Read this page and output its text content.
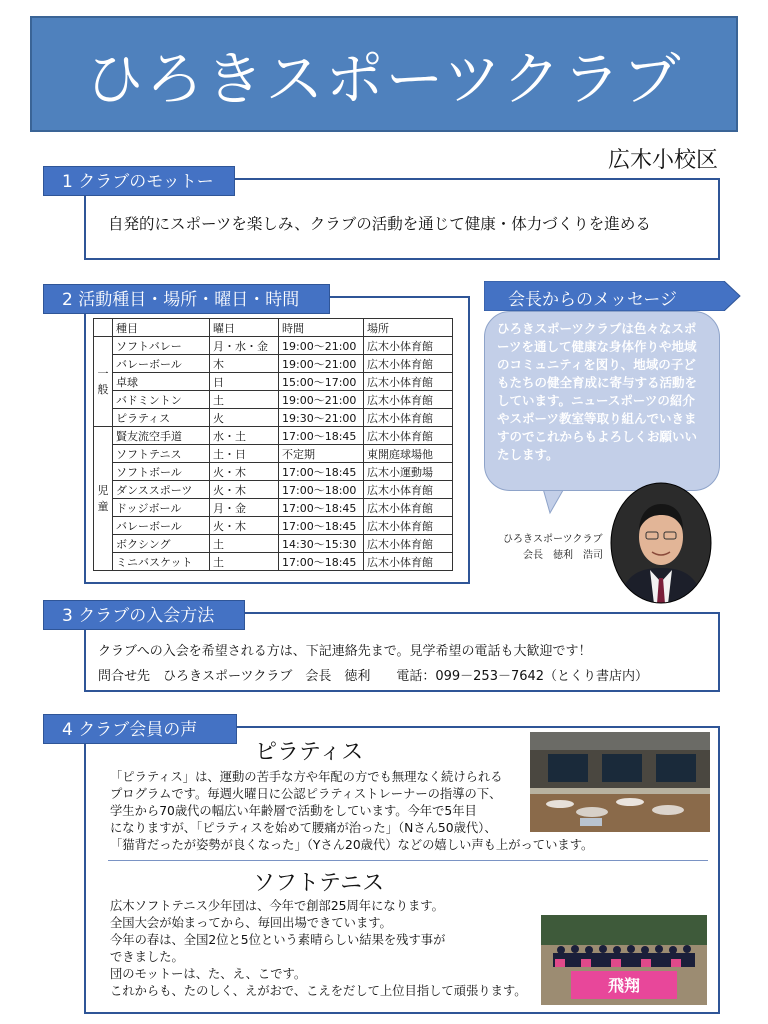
ひろきスポーツクラブ
広木小校区
1 クラブのモットー
自発的にスポーツを楽しみ、クラブの活動を通じて健康・体力づくりを進める
2 活動種目・場所・曜日・時間
	種目	曜日	時間	場所
一
般	ソフトバレー	月・水・金	19:00～21:00	広木小体育館
	バレーボール	木	19:00～21:00	広木小体育館
	卓球	日	15:00～17:00	広木小体育館
	バドミントン	土	19:00～21:00	広木小体育館
	ピラティス	火	19:30～21:00	広木小体育館
児
童	賢友流空手道	水・土	17:00～18:45	広木小体育館
	ソフトテニス	土・日	不定期	東開庭球場他
	ソフトボール	火・木	17:00～18:45	広木小運動場
	ダンススポーツ	火・木	17:00～18:00	広木小体育館
	ドッジボール	月・金	17:00～18:45	広木小体育館
	バレーボール	火・木	17:00～18:45	広木小体育館
	ボクシング	土	14:30～15:30	広木小体育館
	ミニバスケット	土	17:00～18:45	広木小体育館
会長からのメッセージ
ひろきスポーツクラブは色々なスポーツを通して健康な身体作りや地域のコミュニティを図り、地域の子どもたちの健全育成に寄与する活動をしています。ニュースポーツの紹介やスポーツ教室等取り組んでいきますのでこれからもよろしくお願いいたします。
ひろきスポーツクラブ
会長　徳利　浩司
3 クラブの入会方法
クラブへの入会を希望される方は、下記連絡先まで。見学希望の電話も大歓迎です！
問合せ先　ひろきスポーツクラブ　会長　徳利　　電話：099－253－7642（とくり書店内）
4 クラブ会員の声
ピラティス
「ピラティス」は、運動の苦手な方や年配の方でも無理なく続けられる
プログラムです。毎週火曜日に公認ピラティストレーナーの指導の下、
学生から70歳代の幅広い年齢層で活動をしています。今年で5年目
になりますが、「ピラティスを始めて腰痛が治った」（Nさん50歳代）、
「猫背だったが姿勢が良くなった」（Yさん20歳代）などの嬉しい声も上がっています。
ソフトテニス
広木ソフトテニス少年団は、今年で創部25周年になります。
全国大会が始まってから、毎回出場できています。
今年の春は、全国2位と5位という素晴らしい結果を残す事が
できました。
団のモットーは、た、え、こです。
これからも、たのしく、えがおで、こえをだして上位目指して頑張ります。	飛翔
